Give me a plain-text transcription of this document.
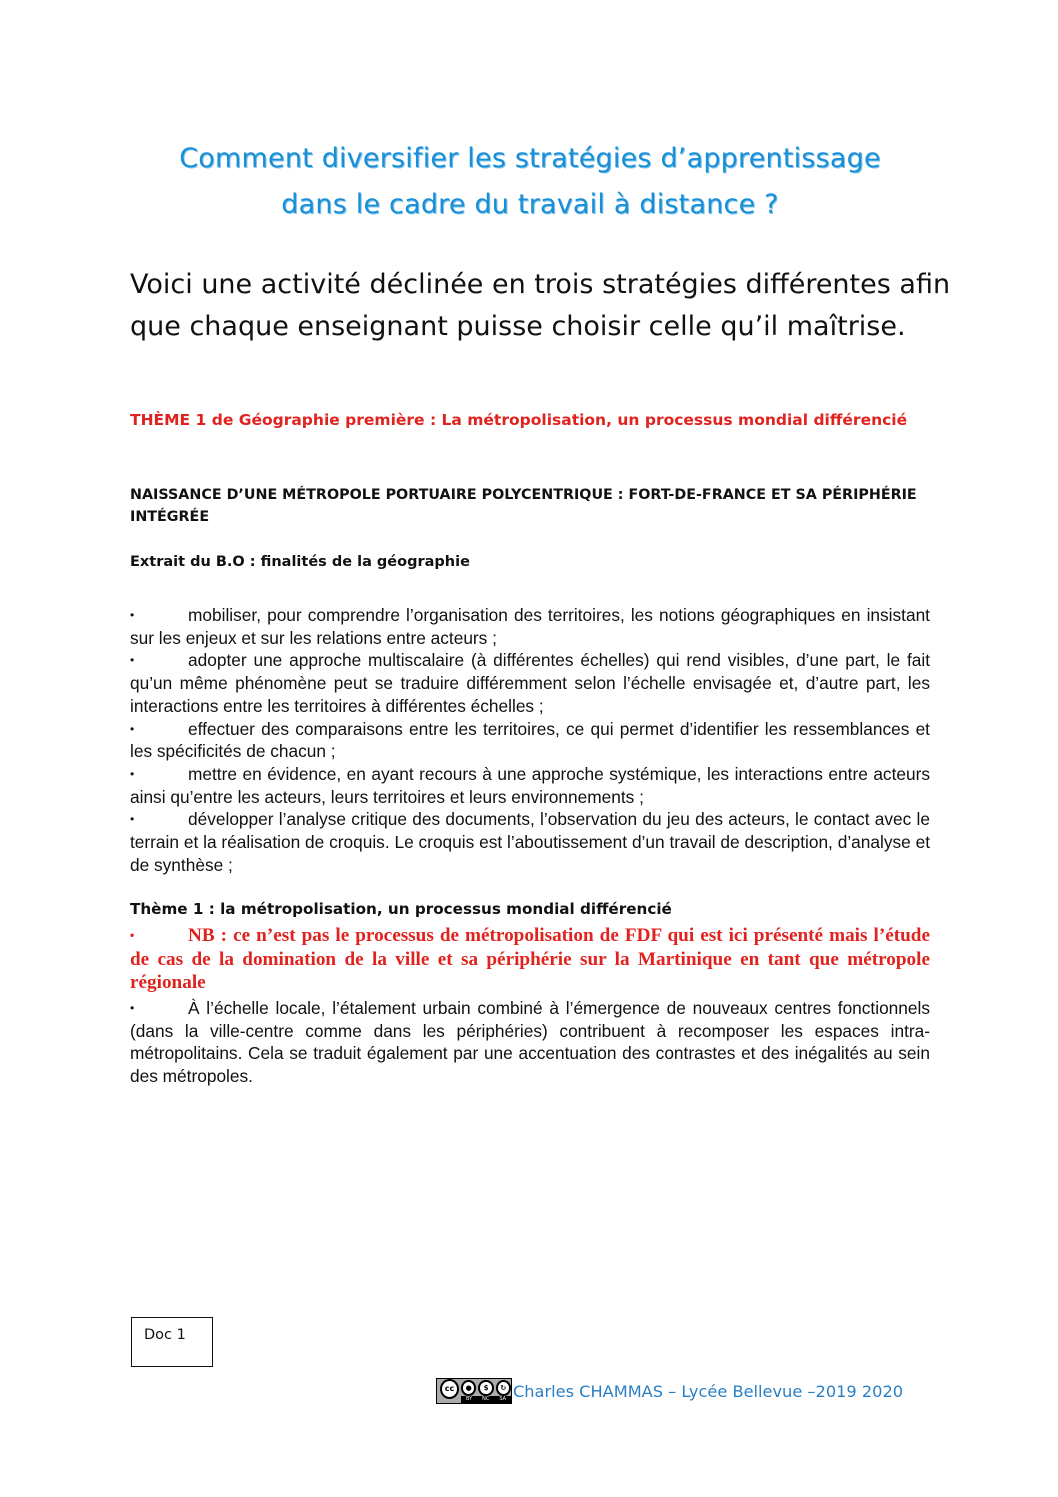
Comment diversifier les stratégies d’apprentissage
dans le cadre du travail à distance ?
Voici une activité déclinée en trois stratégies différentes afin
que chaque enseignant puisse choisir celle qu’il maîtrise.
THÈME 1 de Géographie première : La métropolisation, un processus mondial différencié
NAISSANCE D’UNE MÉTROPOLE PORTUAIRE POLYCENTRIQUE : FORT-DE-FRANCE ET SA PÉRIPHÉRIE
INTÉGRÉE
Extrait du B.O : finalités de la géographie
•	mobiliser, pour comprendre l’organisation des territoires, les notions géographiques en insistant sur les enjeux et sur les relations entre acteurs ;
•	adopter une approche multiscalaire (à différentes échelles) qui rend visibles, d’une part, le fait qu’un même phénomène peut se traduire différemment selon l’échelle envisagée et, d’autre part, les interactions entre les territoires à différentes échelles ;
•	effectuer des comparaisons entre les territoires, ce qui permet d’identifier les ressemblances et les spécificités de chacun ;
•	mettre en évidence, en ayant recours à une approche systémique, les interactions entre acteurs ainsi qu’entre les acteurs, leurs territoires et leurs environnements ;
•	développer l’analyse critique des documents, l’observation du jeu des acteurs, le contact avec le terrain et la réalisation de croquis. Le croquis est l’aboutissement d’un travail de description, d’analyse et de synthèse ;
Thème 1 : la métropolisation, un processus mondial différencié
•	NB : ce n’est pas le processus de métropolisation de FDF qui est ici présenté mais l’étude de cas de la domination de la ville et sa périphérie sur la Martinique en tant que métropole régionale
•	À l’échelle locale, l’étalement urbain combiné à l’émergence de nouveaux centres fonctionnels (dans la ville-centre comme dans les périphéries) contribuent à recomposer les espaces intra- métropolitains. Cela se traduit également par une accentuation des contrastes et des inégalités au sein des métropoles.
Doc 1
cc	●	$	↻
BY NC SA Charles CHAMMAS – Lycée Bellevue –2019 2020
